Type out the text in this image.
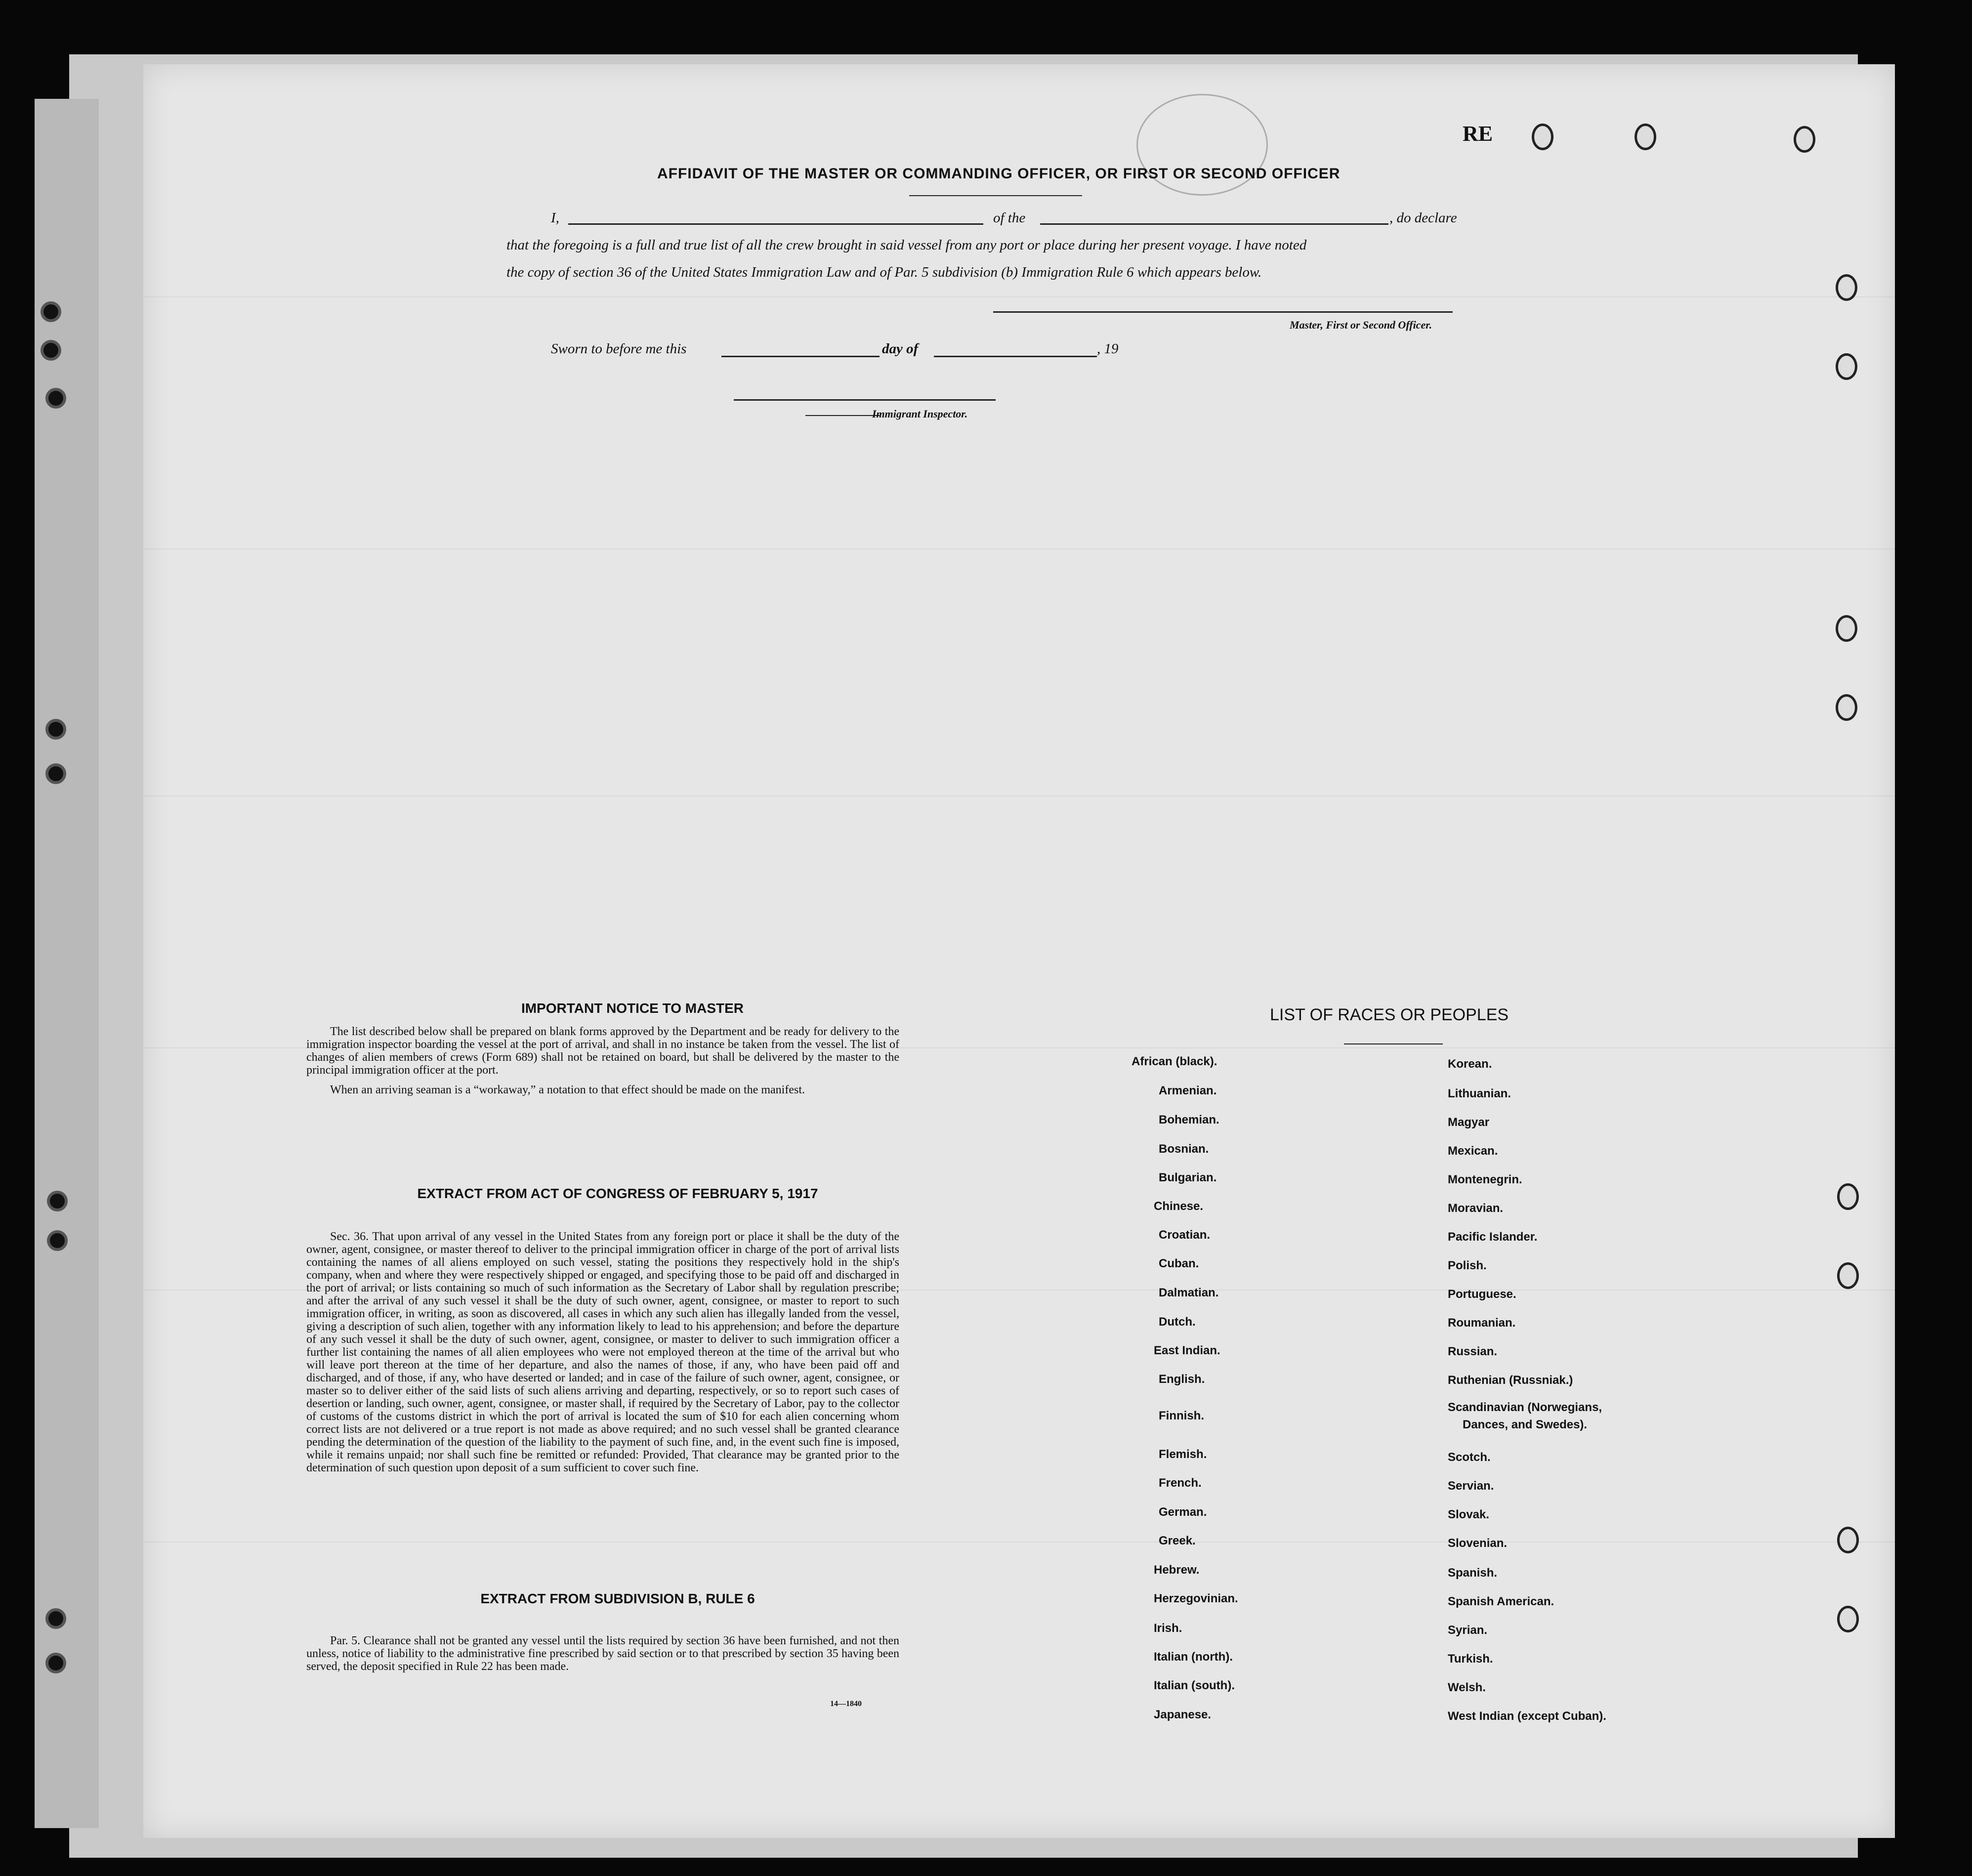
RE
AFFIDAVIT OF THE MASTER OR COMMANDING OFFICER, OR FIRST OR SECOND OFFICER
I,	of the	, do declare
that the foregoing is a full and true list of all the crew brought in said vessel from any port or place during her present voyage. I have noted
the copy of section 36 of the United States Immigration Law and of Par. 5 subdivision (b) Immigration Rule 6 which appears below.
Master, First or Second Officer.
Sworn to before me this	day of	, 19
Immigrant Inspector.
IMPORTANT NOTICE TO MASTER

The list described below shall be prepared on blank forms approved by the Department and be ready for delivery to the immigration inspector boarding the vessel at the port of arrival, and shall in no instance be taken from the vessel. The list of changes of alien members of crews (Form 689) shall not be retained on board, but shall be delivered by the master to the principal immigration officer at the port.

When an arriving seaman is a “workaway,” a notation to that effect should be made on the manifest.

EXTRACT FROM ACT OF CONGRESS OF FEBRUARY 5, 1917

Sec. 36. That upon arrival of any vessel in the United States from any foreign port or place it shall be the duty of the owner, agent, consignee, or master thereof to deliver to the principal immigration officer in charge of the port of arrival lists containing the names of all aliens employed on such vessel, stating the positions they respectively hold in the ship's company, when and where they were respectively shipped or engaged, and specifying those to be paid off and discharged in the port of arrival; or lists containing so much of such information as the Secretary of Labor shall by regulation prescribe; and after the arrival of any such vessel it shall be the duty of such owner, agent, consignee, or master to report to such immigration officer, in writing, as soon as discovered, all cases in which any such alien has illegally landed from the vessel, giving a description of such alien, together with any information likely to lead to his apprehension; and before the departure of any such vessel it shall be the duty of such owner, agent, consignee, or master to deliver to such immigration officer a further list containing the names of all alien employees who were not employed thereon at the time of the arrival but who will leave port thereon at the time of her departure, and also the names of those, if any, who have been paid off and discharged, and of those, if any, who have deserted or landed; and in case of the failure of such owner, agent, consignee, or master so to deliver either of the said lists of such aliens arriving and departing, respectively, or so to report such cases of desertion or landing, such owner, agent, consignee, or master shall, if required by the Secretary of Labor, pay to the collector of customs of the customs district in which the port of arrival is located the sum of $10 for each alien concerning whom correct lists are not delivered or a true report is not made as above required; and no such vessel shall be granted clearance pending the determination of the question of the liability to the payment of such fine, and, in the event such fine is imposed, while it remains unpaid; nor shall such fine be remitted or refunded: Provided, That clearance may be granted prior to the determination of such question upon deposit of a sum sufficient to cover such fine.

EXTRACT FROM SUBDIVISION B, RULE 6

Par. 5. Clearance shall not be granted any vessel until the lists required by section 36 have been furnished, and not then unless, notice of liability to the administrative fine prescribed by said section or to that prescribed by section 35 having been served, the deposit specified in Rule 22 has been made.

14—1840
LIST OF RACES OR PEOPLES
African (black).
Armenian.
Bohemian.
Bosnian.
Bulgarian.
Chinese.
Croatian.
Cuban.
Dalmatian.
Dutch.
East Indian.
English.
Finnish.
Flemish.
French.
German.
Greek.
Hebrew.
Herzegovinian.
Irish.
Italian (north).
Italian (south).
Japanese.
Korean.
Lithuanian.
Magyar
Mexican.
Montenegrin.
Moravian.
Pacific Islander.
Polish.
Portuguese.
Roumanian.
Russian.
Ruthenian (Russniak.)
Scandinavian (Norwegians,
Dances, and Swedes).
Scotch.
Servian.
Slovak.
Slovenian.
Spanish.
Spanish American.
Syrian.
Turkish.
Welsh.
West Indian (except Cuban).
